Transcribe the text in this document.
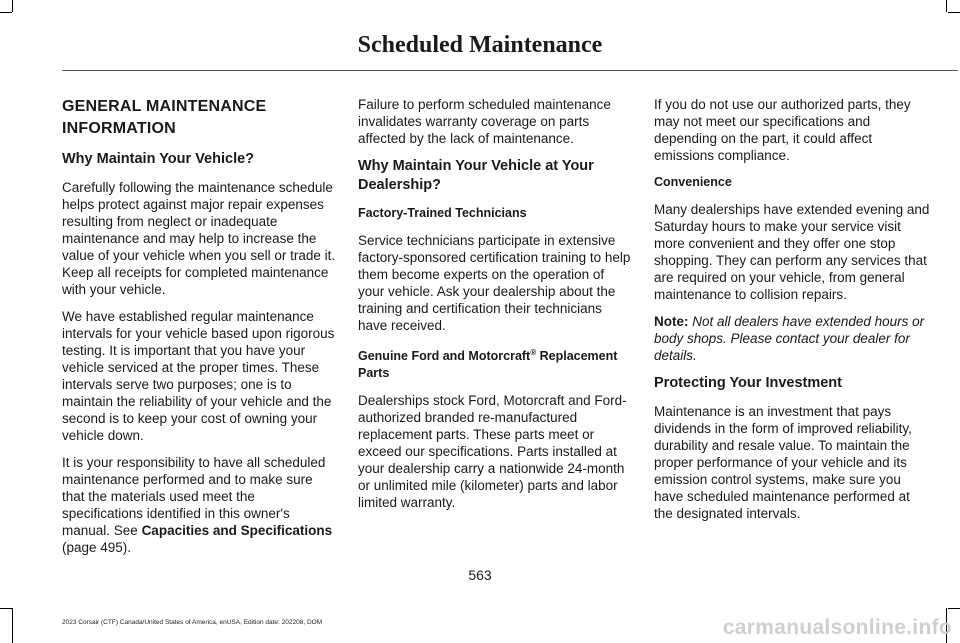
Scheduled Maintenance
GENERAL MAINTENANCE
INFORMATION
Why Maintain Your Vehicle?

Carefully following the maintenance schedule helps protect against major repair expenses resulting from neglect or inadequate maintenance and may help to increase the value of your vehicle when you sell or trade it. Keep all receipts for completed maintenance with your vehicle.

We have established regular maintenance intervals for your vehicle based upon rigorous testing. It is important that you have your vehicle serviced at the proper times. These intervals serve two purposes; one is to maintain the reliability of your vehicle and the second is to keep your cost of owning your vehicle down.

It is your responsibility to have all scheduled maintenance performed and to make sure that the materials used meet the specifications identified in this owner's manual. See Capacities and Specifications (page 495).

Failure to perform scheduled maintenance invalidates warranty coverage on parts affected by the lack of maintenance.

Why Maintain Your Vehicle at Your Dealership?
Factory-Trained Technicians

Service technicians participate in extensive factory-sponsored certification training to help them become experts on the operation of your vehicle. Ask your dealership about the training and certification their technicians have received.

Genuine Ford and Motorcraft® Replacement Parts

Dealerships stock Ford, Motorcraft and Ford-authorized branded re-manufactured replacement parts. These parts meet or exceed our specifications. Parts installed at your dealership carry a nationwide 24-month or unlimited mile (kilometer) parts and labor limited warranty.

If you do not use our authorized parts, they may not meet our specifications and depending on the part, it could affect emissions compliance.

Convenience

Many dealerships have extended evening and Saturday hours to make your service visit more convenient and they offer one stop shopping. They can perform any services that are required on your vehicle, from general maintenance to collision repairs.

Note: Not all dealers have extended hours or body shops. Please contact your dealer for details.

Protecting Your Investment

Maintenance is an investment that pays dividends in the form of improved reliability, durability and resale value. To maintain the proper performance of your vehicle and its emission control systems, make sure you have scheduled maintenance performed at the designated intervals.

563
2023 Corsair (CTF) Canada/United States of America, enUSA, Edition date: 202208, DOM	carmanualsonline.info
